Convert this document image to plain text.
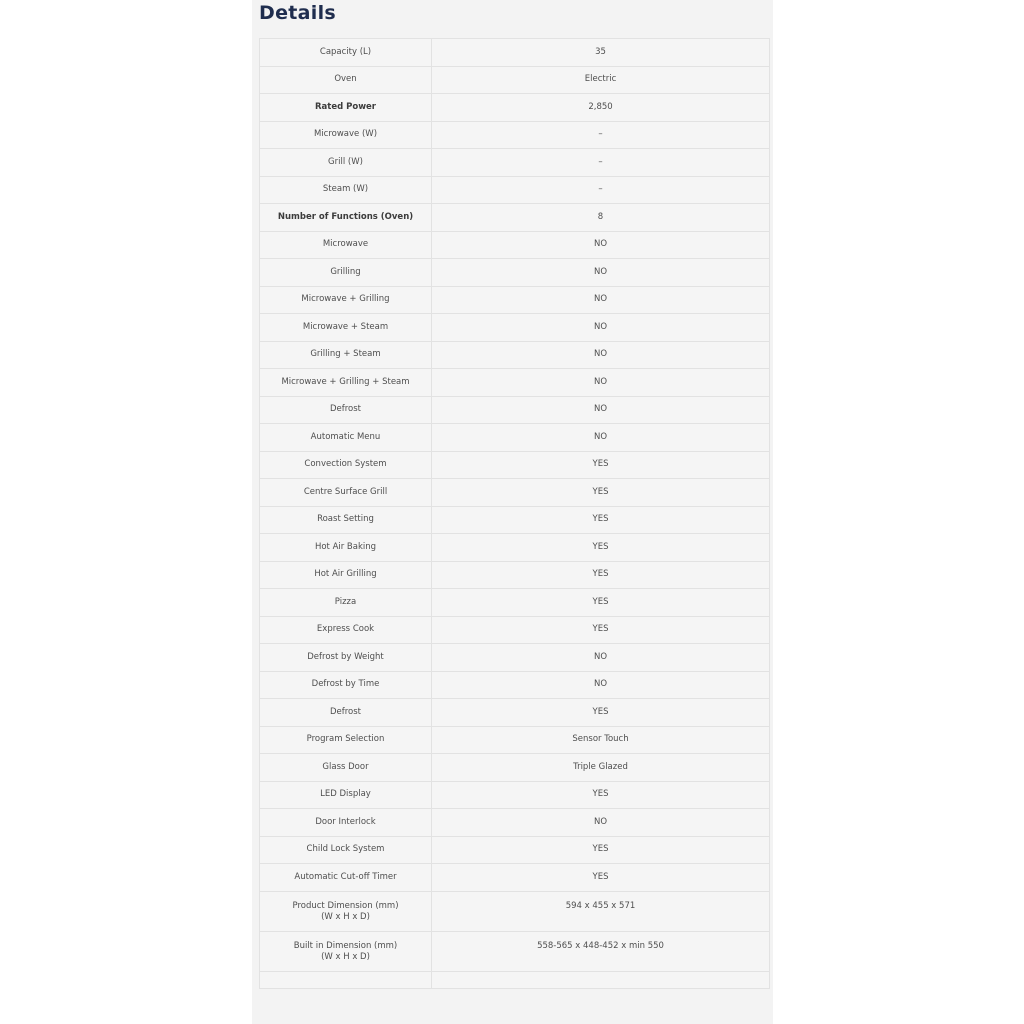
Details
Capacity (L)	35
Oven	Electric
Rated Power	2,850
Microwave (W)	–
Grill (W)	–
Steam (W)	–
Number of Functions (Oven)	8
Microwave	NO
Grilling	NO
Microwave + Grilling	NO
Microwave + Steam	NO
Grilling + Steam	NO
Microwave + Grilling + Steam	NO
Defrost	NO
Automatic Menu	NO
Convection System	YES
Centre Surface Grill	YES
Roast Setting	YES
Hot Air Baking	YES
Hot Air Grilling	YES
Pizza	YES
Express Cook	YES
Defrost by Weight	NO
Defrost by Time	NO
Defrost	YES
Program Selection	Sensor Touch
Glass Door	Triple Glazed
LED Display	YES
Door Interlock	NO
Child Lock System	YES
Automatic Cut-off Timer	YES

Product Dimension (mm)
(W x H x D)	594 x 455 x 571

Built in Dimension (mm)
(W x H x D)	558-565 x 448-452 x min 550
